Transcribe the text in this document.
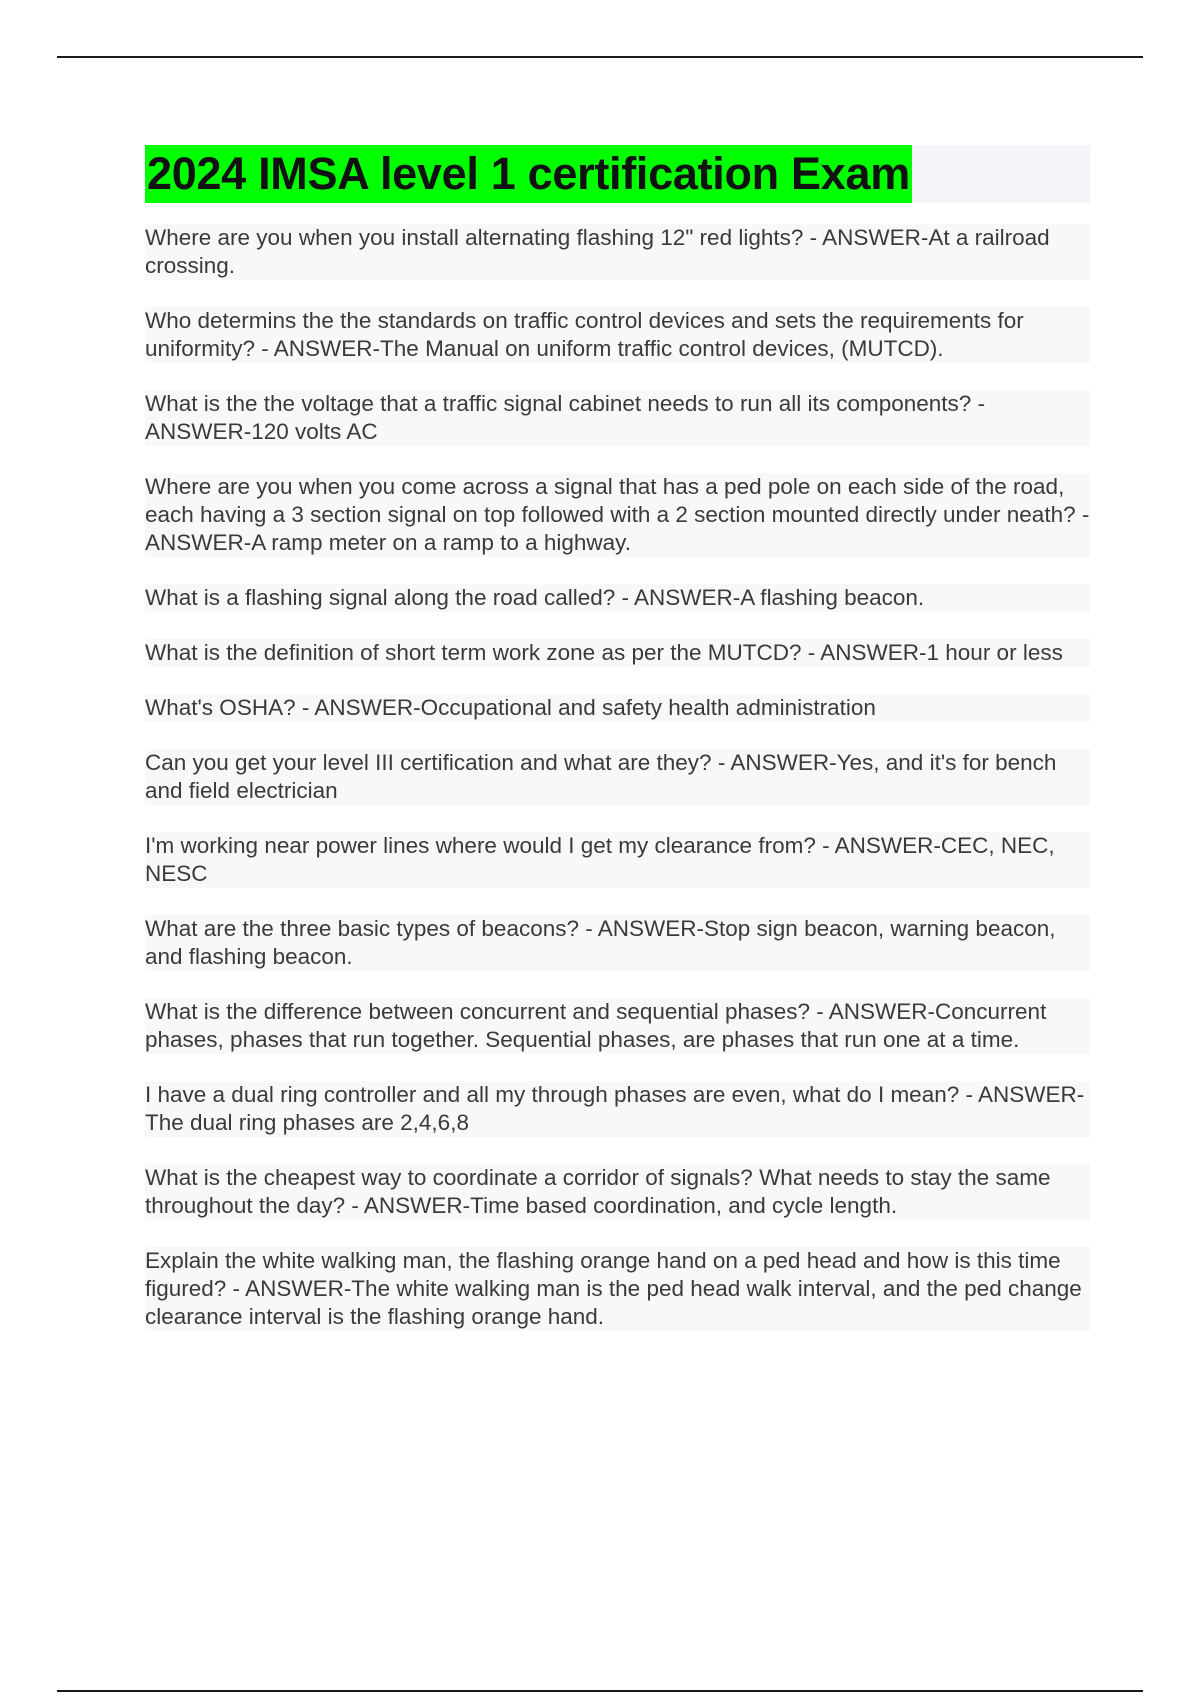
2024 IMSA level 1 certification Exam

Where are you when you install alternating flashing 12" red lights? - ANSWER-At a railroad crossing.

Who determins the the standards on traffic control devices and sets the requirements for uniformity? - ANSWER-The Manual on uniform traffic control devices, (MUTCD).

What is the the voltage that a traffic signal cabinet needs to run all its components? - ANSWER-120 volts AC

Where are you when you come across a signal that has a ped pole on each side of the road, each having a 3 section signal on top followed with a 2 section mounted directly under neath? - ANSWER-A ramp meter on a ramp to a highway.

What is a flashing signal along the road called? - ANSWER-A flashing beacon.

What is the definition of short term work zone as per the MUTCD? - ANSWER-1 hour or less

What's OSHA? - ANSWER-Occupational and safety health administration

Can you get your level III certification and what are they? - ANSWER-Yes, and it's for bench and field electrician

I'm working near power lines where would I get my clearance from? - ANSWER-CEC, NEC, NESC

What are the three basic types of beacons? - ANSWER-Stop sign beacon, warning beacon, and flashing beacon.

What is the difference between concurrent and sequential phases? - ANSWER-Concurrent phases, phases that run together. Sequential phases, are phases that run one at a time.

I have a dual ring controller and all my through phases are even, what do I mean? - ANSWER-The dual ring phases are 2,4,6,8

What is the cheapest way to coordinate a corridor of signals? What needs to stay the same throughout the day? - ANSWER-Time based coordination, and cycle length.

Explain the white walking man, the flashing orange hand on a ped head and how is this time figured? - ANSWER-The white walking man is the ped head walk interval, and the ped change clearance interval is the flashing orange hand.
